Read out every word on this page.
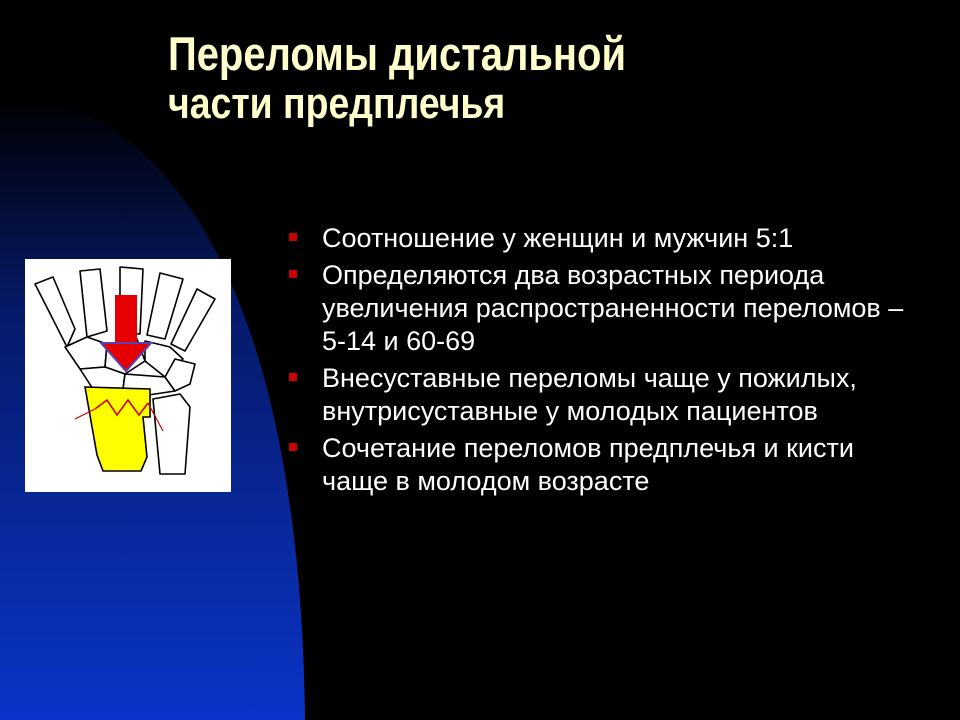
Переломы дистальной
части предплечья
Соотношение у женщин и мужчин 5:1
Определяются два возрастных периода увеличения распространенности переломов – 5-14 и 60-69
Внесуставные переломы чаще у пожилых, внутрисуставные у молодых пациентов
Сочетание переломов предплечья и кисти чаще в молодом возрасте
